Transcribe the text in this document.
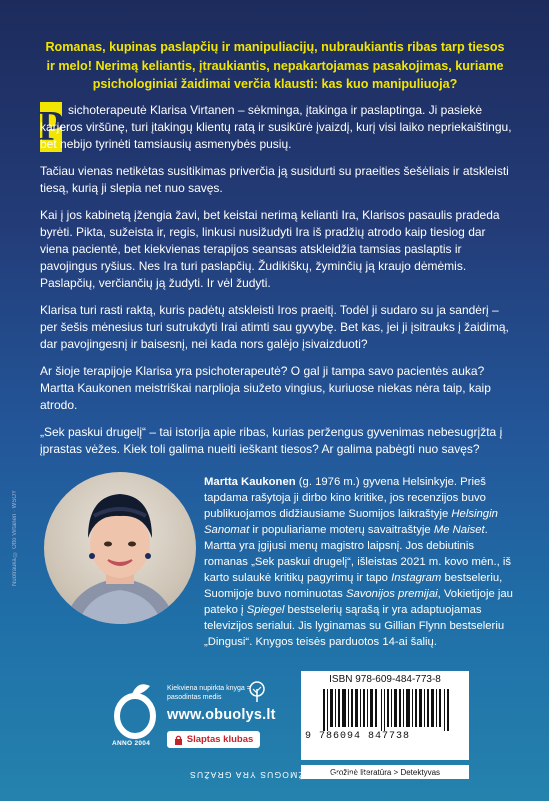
Romanas, kupinas paslapčių ir manipuliacijų, nubraukiantis ribas tarp tiesos ir melo! Nerimą keliantis, įtraukiantis, nepakartojamas pasakojimas, kuriame psichologiniai žaidimai verčia klausti: kas kuo manipuliuoja?
P sichoterapeutė Klarisa Virtanen – sėkminga, įtakinga ir paslaptinga. Ji pasiekė karjeros viršūnę, turi įtakingų klientų ratą ir susikūrė įvaizdį, kurį visi laiko nepriekaištingu, bet nebijo tyrinėti tamsiausių asmenybės pusių.

Tačiau vienas netikėtas susitikimas priverčia ją susidurti su praeities šešėliais ir atskleisti tiesą, kurią ji slepia net nuo savęs.

Kai į jos kabinetą įžengia žavi, bet keistai nerimą kelianti Ira, Klarisos pasaulis pradeda byrėti. Pikta, sužeista ir, regis, linkusi nusižudyti Ira iš pradžių atrodo kaip tiesiog dar viena pacientė, bet kiekvienas terapijos seansas atskleidžia tamsias paslaptis ir pavojingus ryšius. Nes Ira turi paslapčių. Žudikiškų, žyminčių ją kraujo dėmėmis. Paslapčių, verčiančių ją žudyti. Ir vėl žudyti.

Klarisa turi rasti raktą, kuris padėtų atskleisti Iros praeitį. Todėl ji sudaro su ja sandėrį – per šešis mėnesius turi sutrukdyti Irai atimti sau gyvybę. Bet kas, jei ji įsitrauks į žaidimą, dar pavojingesnį ir baisesnį, nei kada nors galėjo įsivaizduoti?

Ar šioje terapijoje Klarisa yra psichoterapeutė? O gal ji tampa savo pacientės auka? Martta Kaukonen meistriškai narplioja siužeto vingius, kuriuose niekas nėra taip, kaip atrodo.

„Sek paskui drugelį“ – tai istorija apie ribas, kurias peržengus gyvenimas nebesugrįžta į įprastas vėžes. Kiek toli galima nueiti ieškant tiesos? Ar galima pabėgti nuo savęs?

Nuotrauka © Otto Virtanen · WSOY
Martta Kaukonen (g. 1976 m.) gyvena Helsinkyje. Prieš tapdama rašytoja ji dirbo kino kritike, jos recenzijos buvo publikuojamos didžiausiame Suomijos laikraštyje Helsingin Sanomat ir populiariame moterų savaitraštyje Me Naiset. Martta yra įgijusi menų magistro laipsnį. Jos debiutinis romanas „Sek paskui drugelį“, išleistas 2021 m. kovo mėn., iš karto sulaukė kritikų pagyrimų ir tapo Instagram bestseleriu, Suomijoje buvo nominuotas Savonijos premijai, Vokietijoje jau pateko į Spiegel bestselerių sąrašą ir yra adaptuojamas televizijos serialui. Jis lyginamas su Gillian Flynn bestseleriu „Dingusi“. Knygos teisės parduotos 14-ai šalių.
ANNO 2004
Kiekviena nupirkta knyga = pasodintas medis
www.obuolys.lt
Slaptas klubas
ISBN 978-609-484-773-8
9 786094 847738
Grožinė literatūra > Detektyvas
SKAITANTIS ŽMOGUS YRA GRAŽUS
